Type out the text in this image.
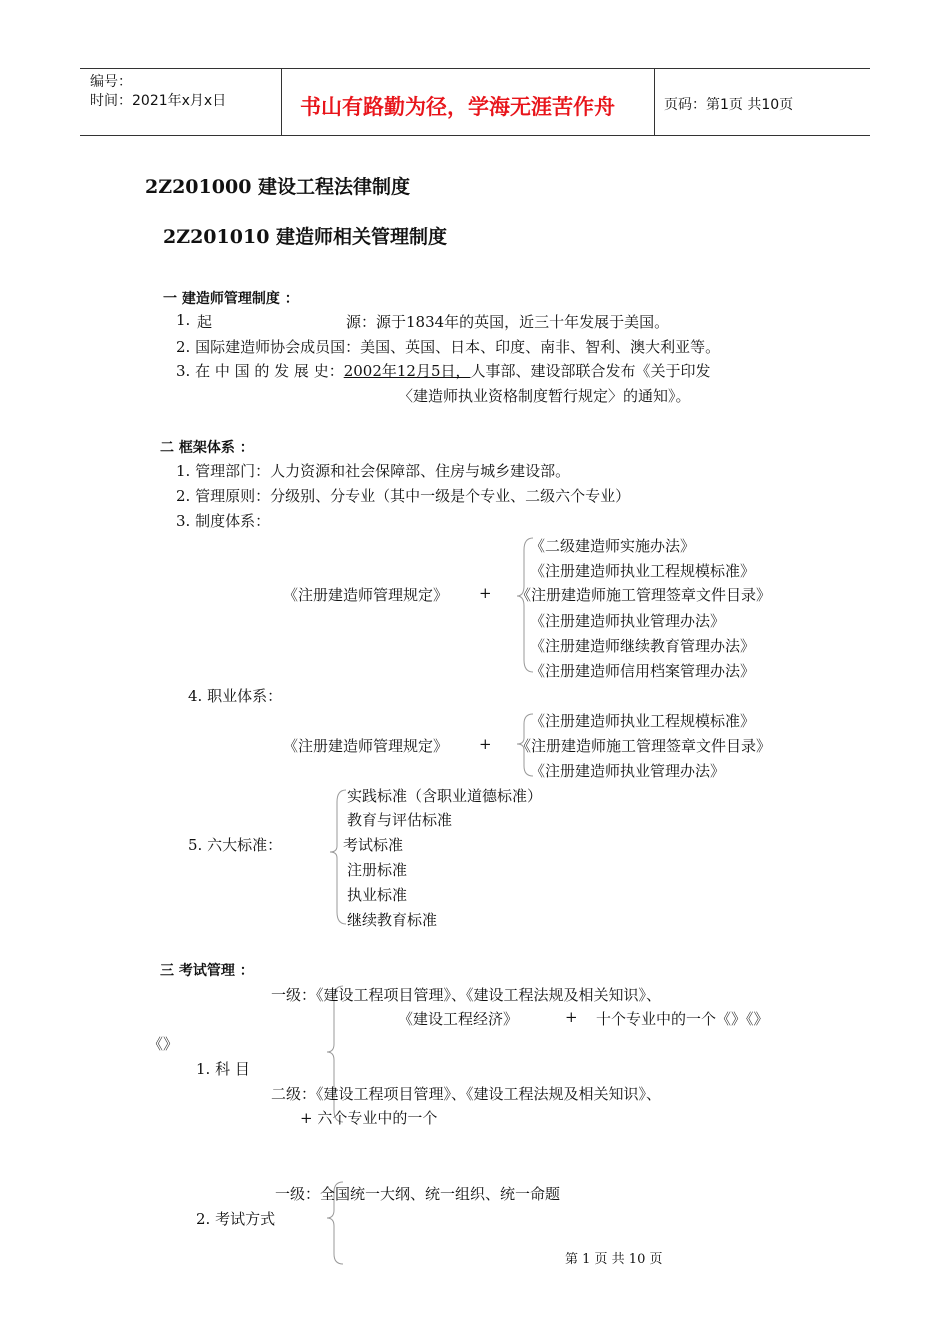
编号：
时间：2021年x月x日	书山有路勤为径，学海无涯苦作舟	页码：第1页 共10页
2Z201000 建设工程法律制度
2Z201010 建造师相关管理制度
一 建造师管理制度 ：
1. 起	源：源于1834年的英国，近三十年发展于美国。
2. 国际建造师协会成员国：美国、英国、日本、印度、南非、智利、澳大利亚等。
3. 在 中 国 的 发 展 史：2002年12月5日，人事部、建设部联合发布《关于印发
〈建造师执业资格制度暂行规定〉的通知》。
二 框架体系 ：
1. 管理部门：人力资源和社会保障部、住房与城乡建设部。
2. 管理原则：分级别、分专业（其中一级是个专业、二级六个专业）
3. 制度体系：
《注册建造师管理规定》 +
《二级建造师实施办法》
《注册建造师执业工程规模标准》
《注册建造师施工管理签章文件目录》
《注册建造师执业管理办法》
《注册建造师继续教育管理办法》
《注册建造师信用档案管理办法》
4. 职业体系：
《注册建造师管理规定》 +
《注册建造师执业工程规模标准》
《注册建造师施工管理签章文件目录》
《注册建造师执业管理办法》
5. 六大标准：
实践标准（含职业道德标准）
教育与评估标准
考试标准
注册标准
执业标准
继续教育标准
三 考试管理 ：
一级：《建设工程项目管理》、《建设工程法规及相关知识》、
《建设工程经济》	+ 十个专业中的一个《》《》
《》
1. 科 目
二级：《建设工程项目管理》、《建设工程法规及相关知识》、
+ 六个专业中的一个
一级：全国统一大纲、统一组织、统一命题
2. 考试方式
第 1 页 共 10 页
